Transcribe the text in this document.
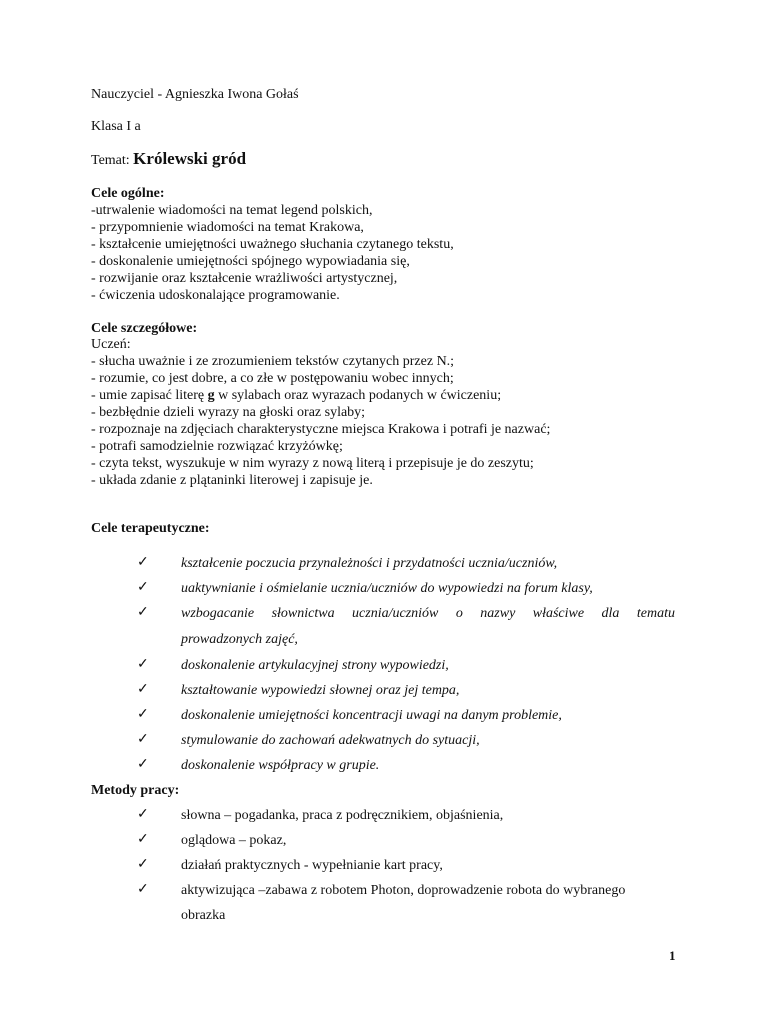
Nauczyciel - Agnieszka Iwona Gołaś
Klasa I a
Temat: Królewski gród
Cele ogólne:
-utrwalenie wiadomości na temat legend polskich,
- przypomnienie wiadomości na temat Krakowa,
- kształcenie umiejętności uważnego słuchania czytanego tekstu,
- doskonalenie umiejętności spójnego wypowiadania się,
- rozwijanie oraz kształcenie wrażliwości artystycznej,
- ćwiczenia udoskonalające programowanie.
Cele szczegółowe:
Uczeń:
- słucha uważnie i ze zrozumieniem tekstów czytanych przez N.;
- rozumie, co jest dobre, a co złe w postępowaniu wobec innych;
- umie zapisać literę g w sylabach oraz wyrazach podanych w ćwiczeniu;
- bezbłędnie dzieli wyrazy na głoski oraz sylaby;
- rozpoznaje na zdjęciach charakterystyczne miejsca Krakowa i potrafi je nazwać;
- potrafi samodzielnie rozwiązać krzyżówkę;
- czyta tekst, wyszukuje w nim wyrazy z nową literą i przepisuje je do zeszytu;
- układa zdanie z plątaninki literowej i zapisuje je.
Cele terapeutyczne:
✓ kształcenie poczucia przynależności i przydatności ucznia/uczniów,
✓ uaktywnianie i ośmielanie ucznia/uczniów do wypowiedzi na forum klasy,
✓ wzbogacanie słownictwa ucznia/uczniów o nazwy właściwe dla tematu
prowadzonych zajęć,
✓ doskonalenie artykulacyjnej strony wypowiedzi,
✓ kształtowanie wypowiedzi słownej oraz jej tempa,
✓ doskonalenie umiejętności koncentracji uwagi na danym problemie,
✓ stymulowanie do zachowań adekwatnych do sytuacji,
✓ doskonalenie współpracy w grupie.
Metody pracy:
✓ słowna – pogadanka, praca z podręcznikiem, objaśnienia,
✓ oglądowa – pokaz,
✓ działań praktycznych - wypełnianie kart pracy,
✓ aktywizująca –zabawa z robotem Photon, doprowadzenie robota do wybranego
obrazka
1
